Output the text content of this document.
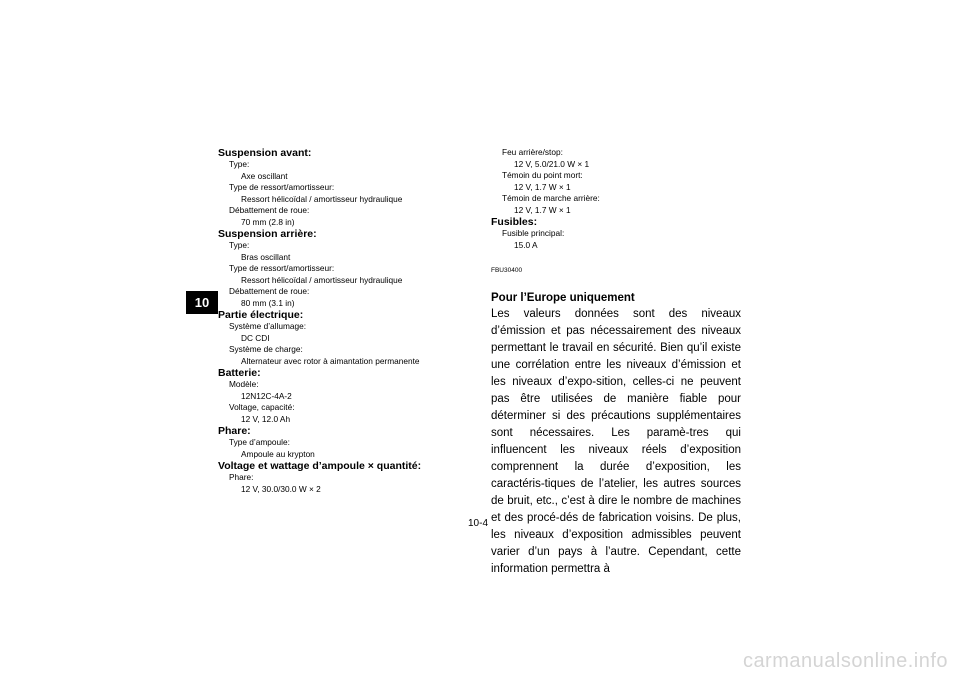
10
Suspension avant:
Type:
Axe oscillant
Type de ressort/amortisseur:
Ressort hélicoïdal / amortisseur hydraulique
Débattement de roue:
70 mm (2.8 in)
Suspension arrière:
Type:
Bras oscillant
Type de ressort/amortisseur:
Ressort hélicoïdal / amortisseur hydraulique
Débattement de roue:
80 mm (3.1 in)
Partie électrique:
Système d’allumage:
DC CDI
Système de charge:
Alternateur avec rotor à aimantation permanente
Batterie:
Modèle:
12N12C-4A-2
Voltage, capacité:
12 V, 12.0 Ah
Phare:
Type d’ampoule:
Ampoule au krypton
Voltage et wattage d’ampoule × quantité:
Phare:
12 V, 30.0/30.0 W × 2
Feu arrière/stop:
12 V, 5.0/21.0 W × 1
Témoin du point mort:
12 V, 1.7 W × 1
Témoin de marche arrière:
12 V, 1.7 W × 1
Fusibles:
Fusible principal:
15.0 A
FBU30400
Pour l’Europe uniquement
Les valeurs données sont des niveaux d’émission et pas nécessairement des niveaux permettant le travail en sécurité. Bien qu’il existe une corrélation entre les niveaux d’émission et les niveaux d’expo-sition, celles-ci ne peuvent pas être utilisées de manière fiable pour déterminer si des précautions supplémentaires sont nécessaires. Les paramè-tres qui influencent les niveaux réels d’exposition comprennent la durée d’exposition, les caractéris-tiques de l’atelier, les autres sources de bruit, etc., c’est à dire le nombre de machines et des procé-dés de fabrication voisins. De plus, les niveaux d’exposition admissibles peuvent varier d’un pays à l’autre. Cependant, cette information permettra à
10-4
carmanualsonline.info
